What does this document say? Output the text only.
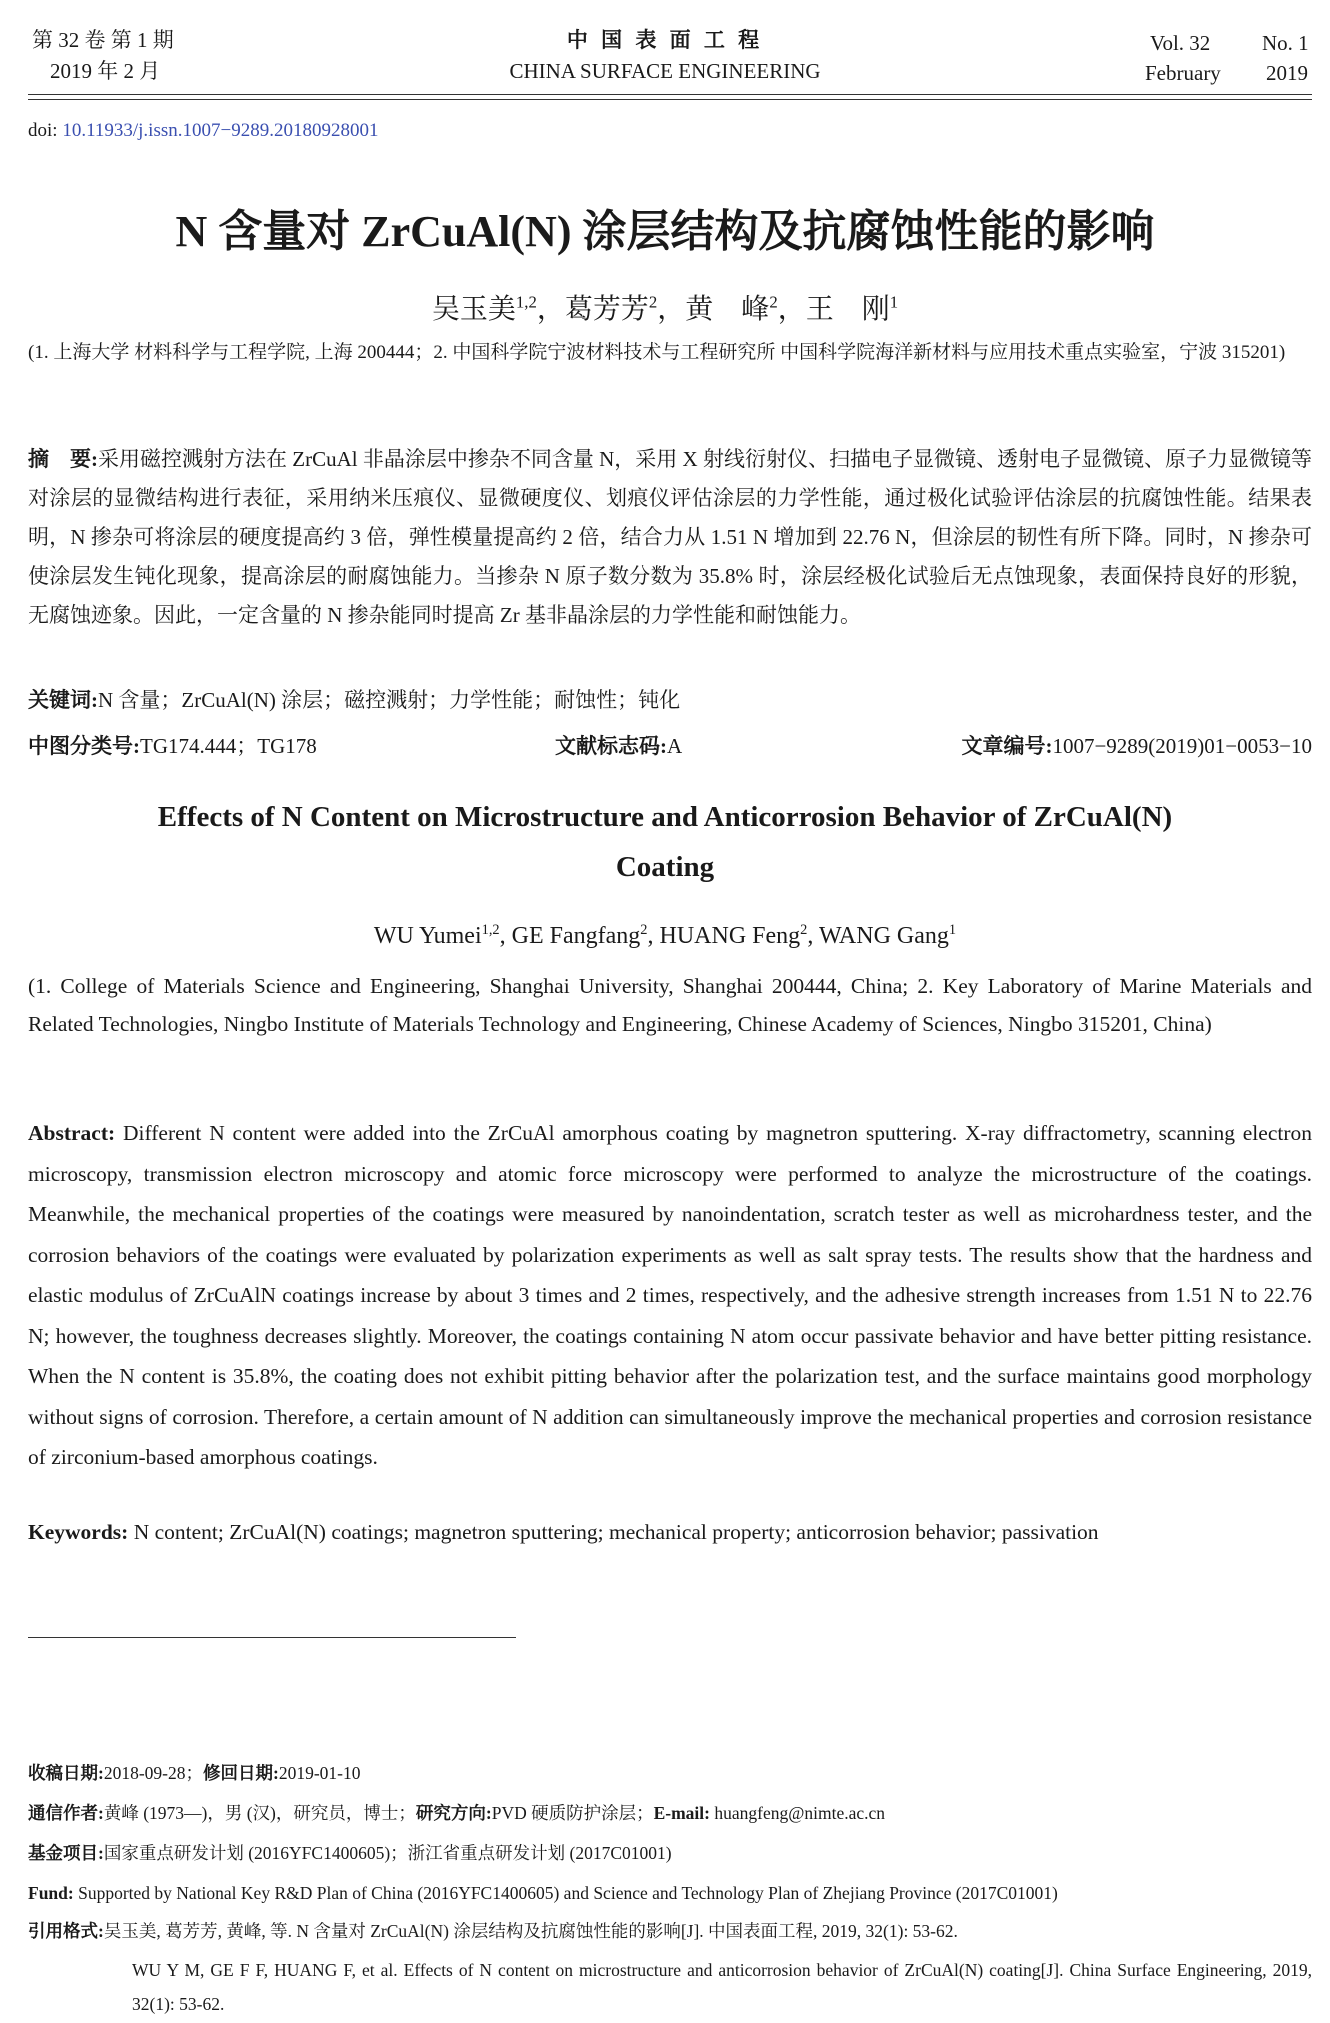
第 32 卷 第 1 期
2019 年 2 月
中 国 表 面 工 程
CHINA SURFACE ENGINEERING
Vol. 32 No. 1
February 2019
doi: 10.11933/j.issn.1007−9289.20180928001
N 含量对 ZrCuAl(N) 涂层结构及抗腐蚀性能的影响
吴玉美$^{1,2}$，葛芳芳$^2$，黄　峰$^2$，王　刚$^1$
(1. 上海大学 材料科学与工程学院, 上海 200444；2. 中国科学院宁波材料技术与工程研究所 中国科学院海洋新材料与应用技术重点实验室，宁波 315201)
摘　要:采用磁控溅射方法在 ZrCuAl 非晶涂层中掺杂不同含量 N，采用 X 射线衍射仪、扫描电子显微镜、透射电子显微镜、原子力显微镜等对涂层的显微结构进行表征，采用纳米压痕仪、显微硬度仪、划痕仪评估涂层的力学性能，通过极化试验评估涂层的抗腐蚀性能。结果表明，N 掺杂可将涂层的硬度提高约 3 倍，弹性模量提高约 2 倍，结合力从 1.51 N 增加到 22.76 N，但涂层的韧性有所下降。同时，N 掺杂可使涂层发生钝化现象，提高涂层的耐腐蚀能力。当掺杂 N 原子数分数为 35.8% 时，涂层经极化试验后无点蚀现象，表面保持良好的形貌，无腐蚀迹象。因此，一定含量的 N 掺杂能同时提高 Zr 基非晶涂层的力学性能和耐蚀能力。
关键词:N 含量；ZrCuAl(N) 涂层；磁控溅射；力学性能；耐蚀性；钝化
中图分类号:TG174.444；TG178	文献标志码:A	文章编号:1007−9289(2019)01−0053−10
Effects of N Content on Microstructure and Anticorrosion Behavior of ZrCuAl(N) Coating
WU Yumei$^{1,2}$, GE Fangfang$^2$, HUANG Feng$^2$, WANG Gang$^1$
(1. College of Materials Science and Engineering, Shanghai University, Shanghai 200444, China; 2. Key Laboratory of Marine Materials and Related Technologies, Ningbo Institute of Materials Technology and Engineering, Chinese Academy of Sciences, Ningbo 315201, China)
Abstract: Different N content were added into the ZrCuAl amorphous coating by magnetron sputtering. X-ray diffractometry, scanning electron microscopy, transmission electron microscopy and atomic force microscopy were performed to analyze the microstructure of the coatings. Meanwhile, the mechanical properties of the coatings were measured by nanoindentation, scratch tester as well as microhardness tester, and the corrosion behaviors of the coatings were evaluated by polarization experiments as well as salt spray tests. The results show that the hardness and elastic modulus of ZrCuAlN coatings increase by about 3 times and 2 times, respectively, and the adhesive strength increases from 1.51 N to 22.76 N; however, the toughness decreases slightly. Moreover, the coatings containing N atom occur passivate behavior and have better pitting resistance. When the N content is 35.8%, the coating does not exhibit pitting behavior after the polarization test, and the surface maintains good morphology without signs of corrosion. Therefore, a certain amount of N addition can simultaneously improve the mechanical properties and corrosion resistance of zirconium-based amorphous coatings.
Keywords: N content; ZrCuAl(N) coatings; magnetron sputtering; mechanical property; anticorrosion behavior; passivation
收稿日期:2018-09-28；修回日期:2019-01-10
通信作者:黄峰 (1973—)，男 (汉)，研究员，博士；研究方向:PVD 硬质防护涂层；E-mail: huangfeng@nimte.ac.cn
基金项目:国家重点研发计划 (2016YFC1400605)；浙江省重点研发计划 (2017C01001)
Fund: Supported by National Key R&D Plan of China (2016YFC1400605) and Science and Technology Plan of Zhejiang Province (2017C01001)
引用格式:吴玉美, 葛芳芳, 黄峰, 等. N 含量对 ZrCuAl(N) 涂层结构及抗腐蚀性能的影响[J]. 中国表面工程, 2019, 32(1): 53-62.
WU Y M, GE F F, HUANG F, et al. Effects of N content on microstructure and anticorrosion behavior of ZrCuAl(N) coating[J]. China Surface Engineering, 2019, 32(1): 53-62.
